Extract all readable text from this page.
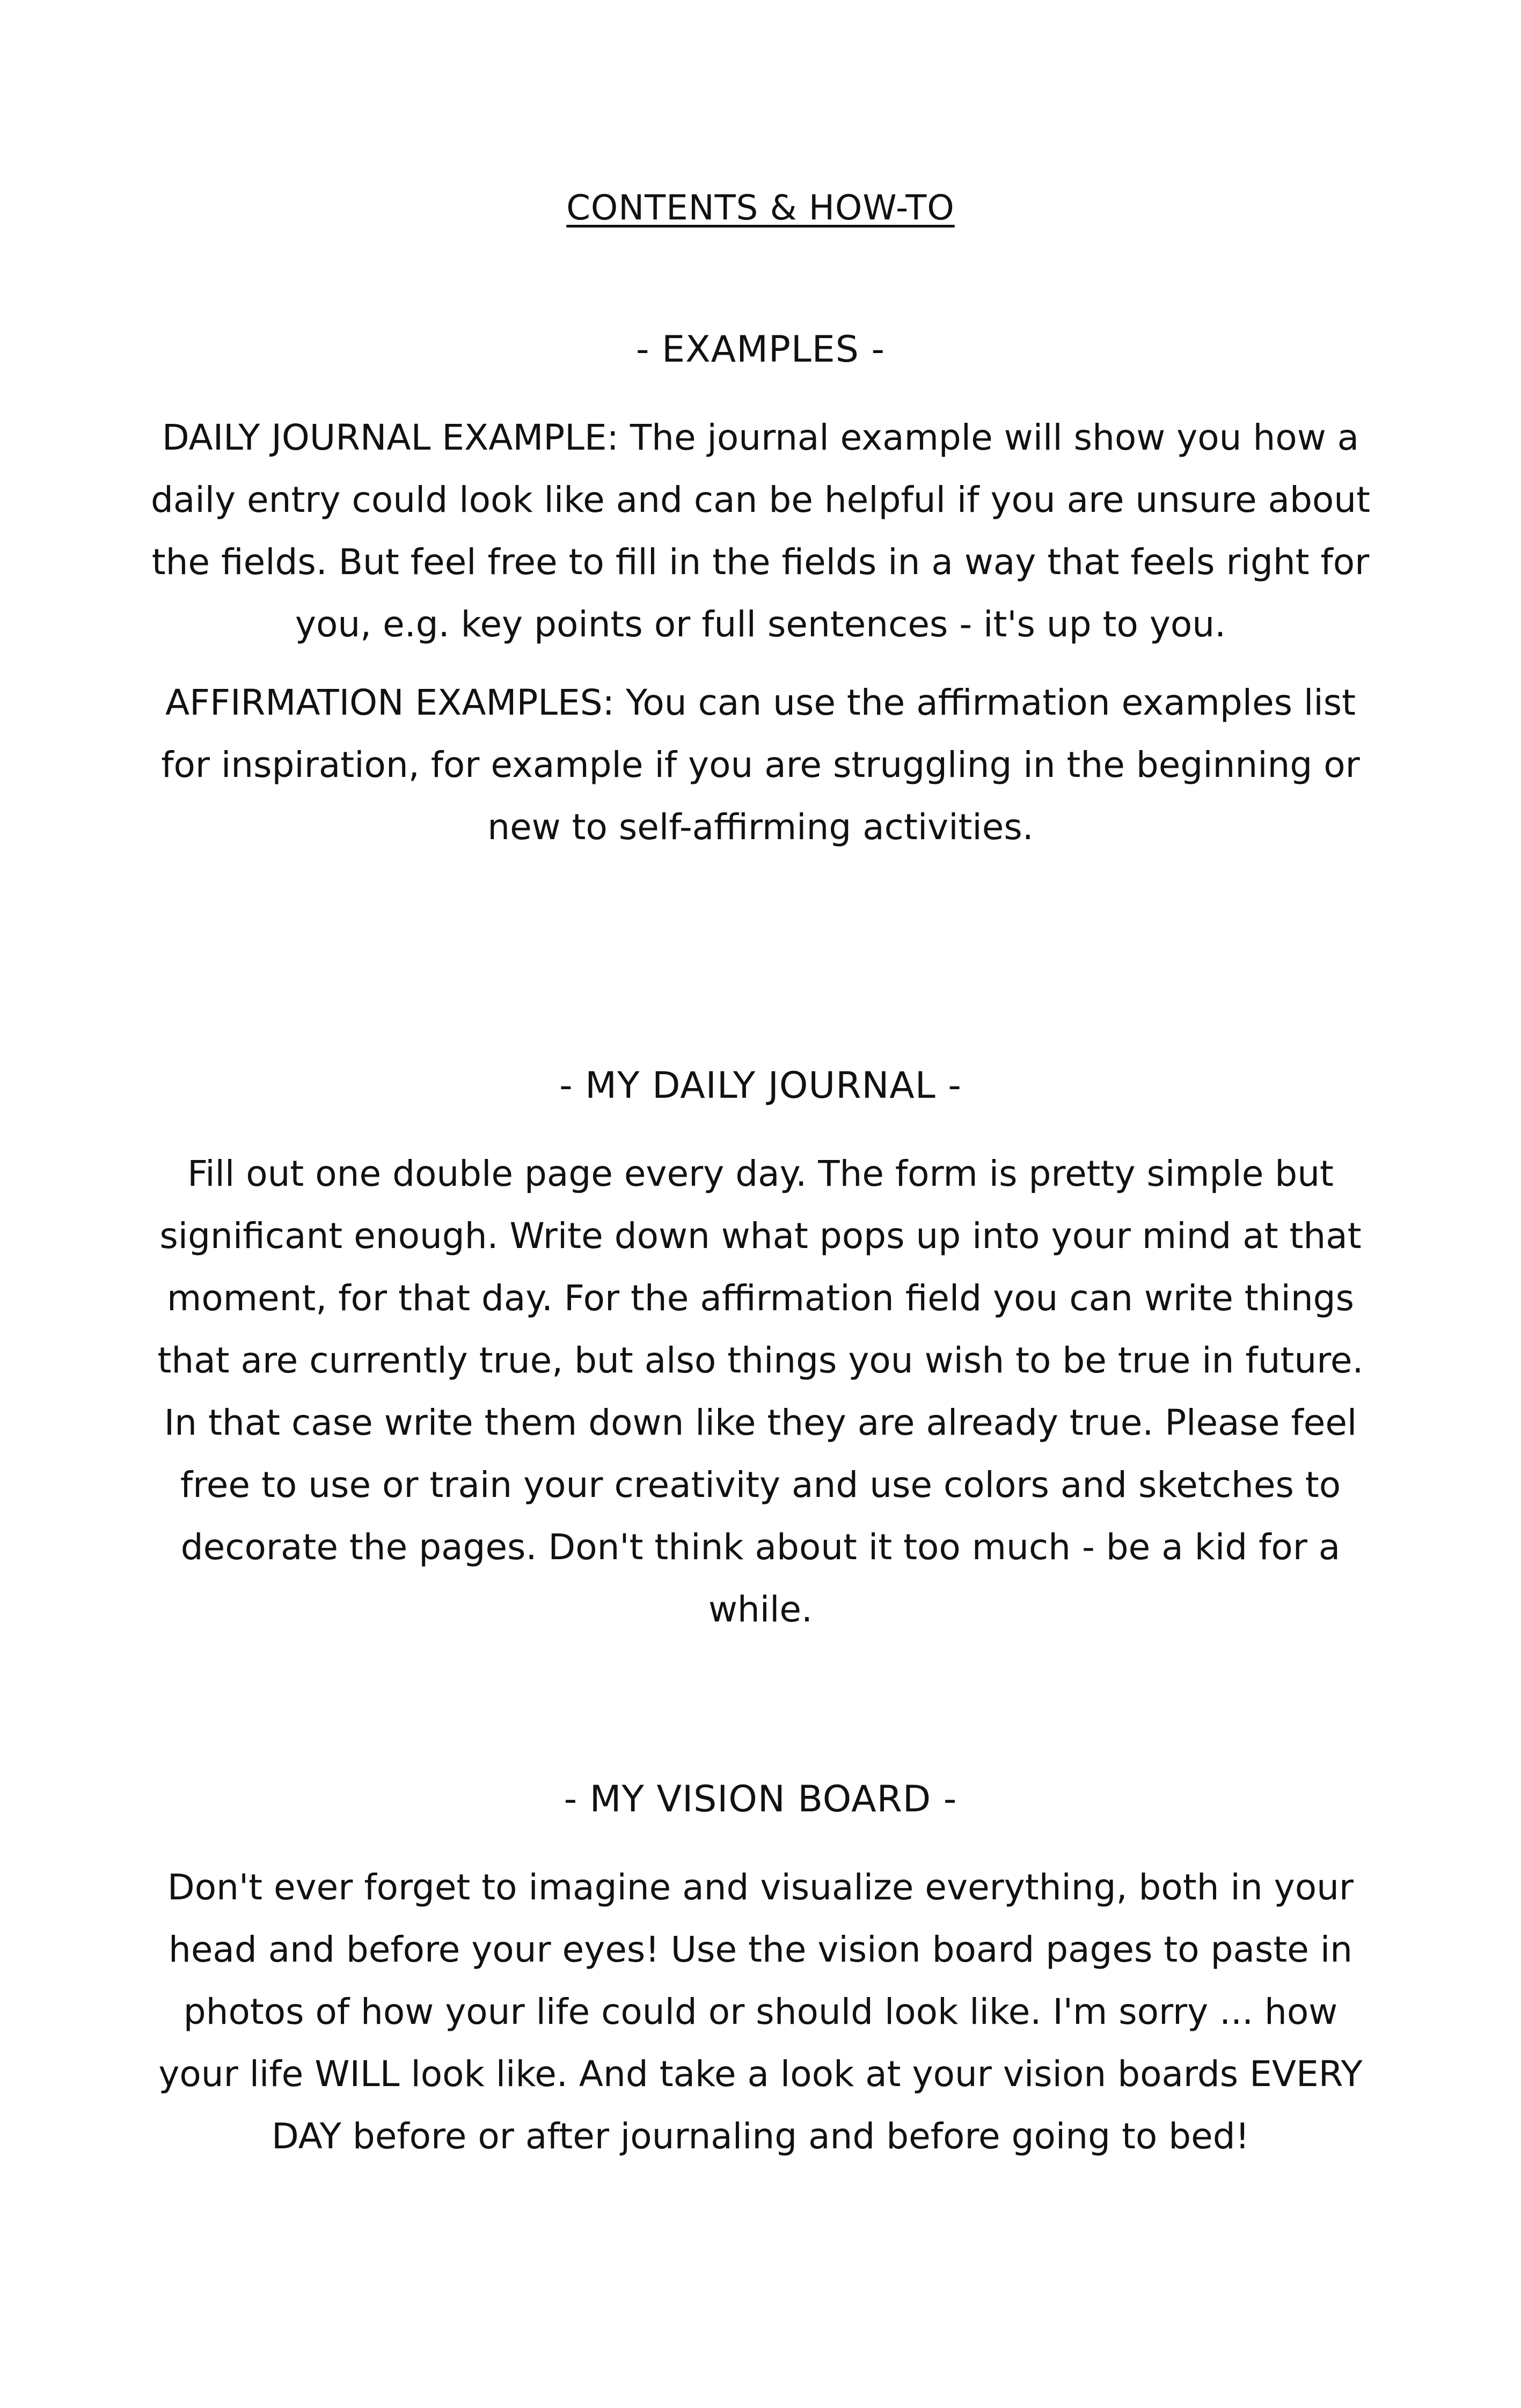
CONTENTS & HOW-TO
- EXAMPLES -

DAILY JOURNAL EXAMPLE: The journal example will show you how a daily entry could look like and can be helpful if you are unsure about the fields. But feel free to fill in the fields in a way that feels right for you, e.g. key points or full sentences - it's up to you.

AFFIRMATION EXAMPLES: You can use the affirmation examples list for inspiration, for example if you are struggling in the beginning or new to self-affirming activities.

- MY DAILY JOURNAL -

Fill out one double page every day. The form is pretty simple but significant enough. Write down what pops up into your mind at that moment, for that day. For the affirmation field you can write things that are currently true, but also things you wish to be true in future. In that case write them down like they are already true. Please feel free to use or train your creativity and use colors and sketches to decorate the pages. Don't think about it too much - be a kid for a while.

- MY VISION BOARD -

Don't ever forget to imagine and visualize everything, both in your head and before your eyes! Use the vision board pages to paste in photos of how your life could or should look like. I'm sorry ... how your life WILL look like. And take a look at your vision boards EVERY DAY before or after journaling and before going to bed!
